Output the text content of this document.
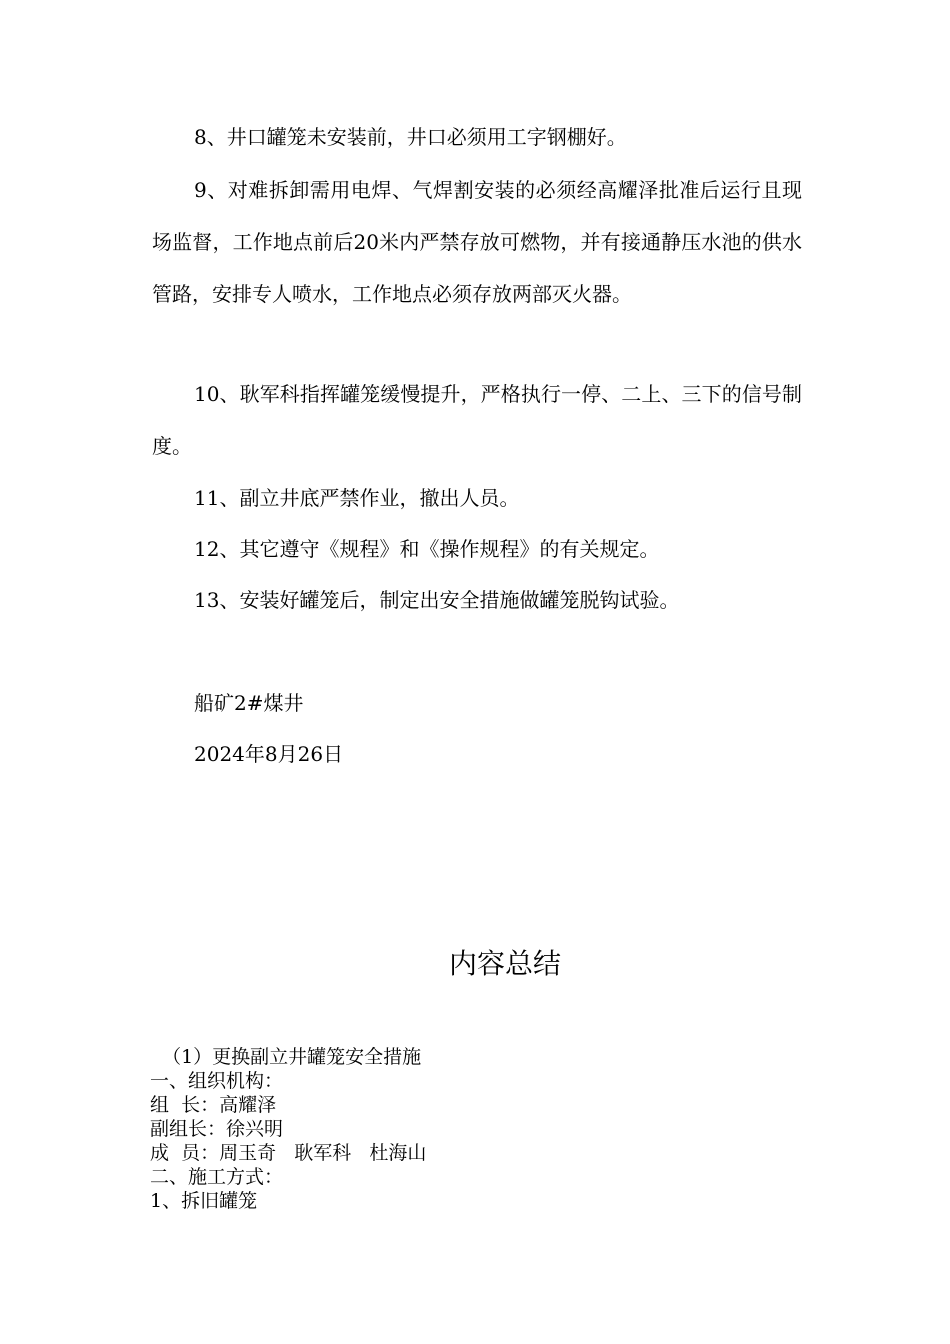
8、井口罐笼未安装前，井口必须用工字钢棚好。

9、对难拆卸需用电焊、气焊割安装的必须经高耀泽批准后运行且现场监督，工作地点前后20米内严禁存放可燃物，并有接通静压水池的供水管路，安排专人喷水，工作地点必须存放两部灭火器。

10、耿军科指挥罐笼缓慢提升，严格执行一停、二上、三下的信号制度。

11、副立井底严禁作业，撤出人员。

12、其它遵守《规程》和《操作规程》的有关规定。

13、安装好罐笼后，制定出安全措施做罐笼脱钩试验。

船矿2#煤井

2024年8月26日

内容总结

（1）更换副立井罐笼安全措施

一、组织机构：

组  长：高耀泽

副组长：徐兴明

成  员：周玉奇   耿军科   杜海山

二、施工方式：

1、拆旧罐笼
